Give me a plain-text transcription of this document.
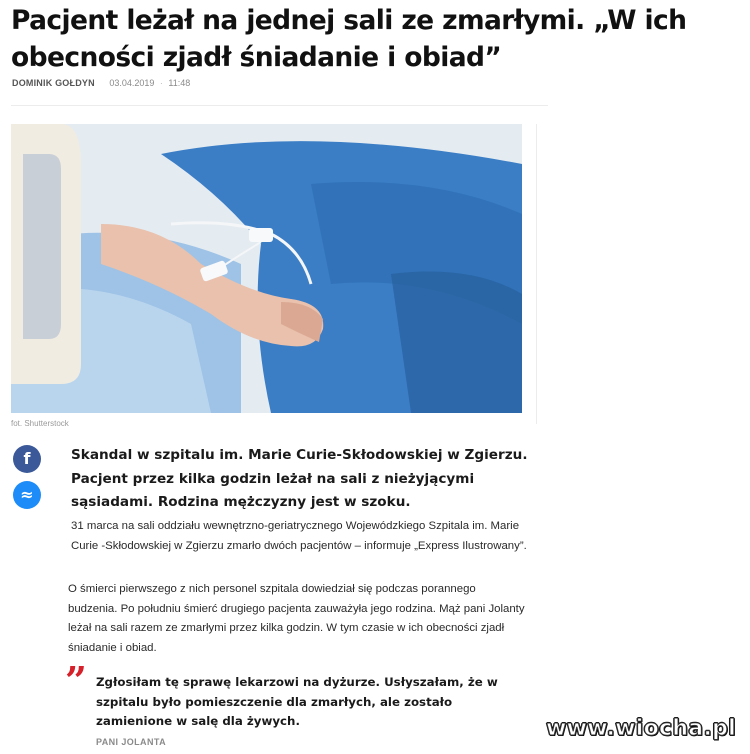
Pacjent leżał na jednej sali ze zmarłymi. „W ich obecności zjadł śniadanie i obiad”
DOMINIK GOŁDYN 03.04.2019 · 11:48
fot. Shutterstock
f
≈

Skandal w szpitalu im. Marie Curie-Skłodowskiej w Zgierzu. Pacjent przez kilka godzin leżał na sali z nieżyjącymi sąsiadami. Rodzina mężczyzny jest w szoku.

31 marca na sali oddziału wewnętrzno-geriatrycznego Wojewódzkiego Szpitala im. Marie Curie -Skłodowskiej w Zgierzu zmarło dwóch pacjentów – informuje „Express Ilustrowany”.

O śmierci pierwszego z nich personel szpitala dowiedział się podczas porannego budzenia. Po południu śmierć drugiego pacjenta zauważyła jego rodzina. Mąż pani Jolanty leżał na sali razem ze zmarłymi przez kilka godzin. W tym czasie w ich obecności zjadł śniadanie i obiad.

” Zgłosiłam tę sprawę lekarzowi na dyżurze. Usłyszałam, że w szpitalu było pomieszczenie dla zmarłych, ale zostało zamienione w salę dla żywych.
PANI JOLANTA
www.wiocha.pl
